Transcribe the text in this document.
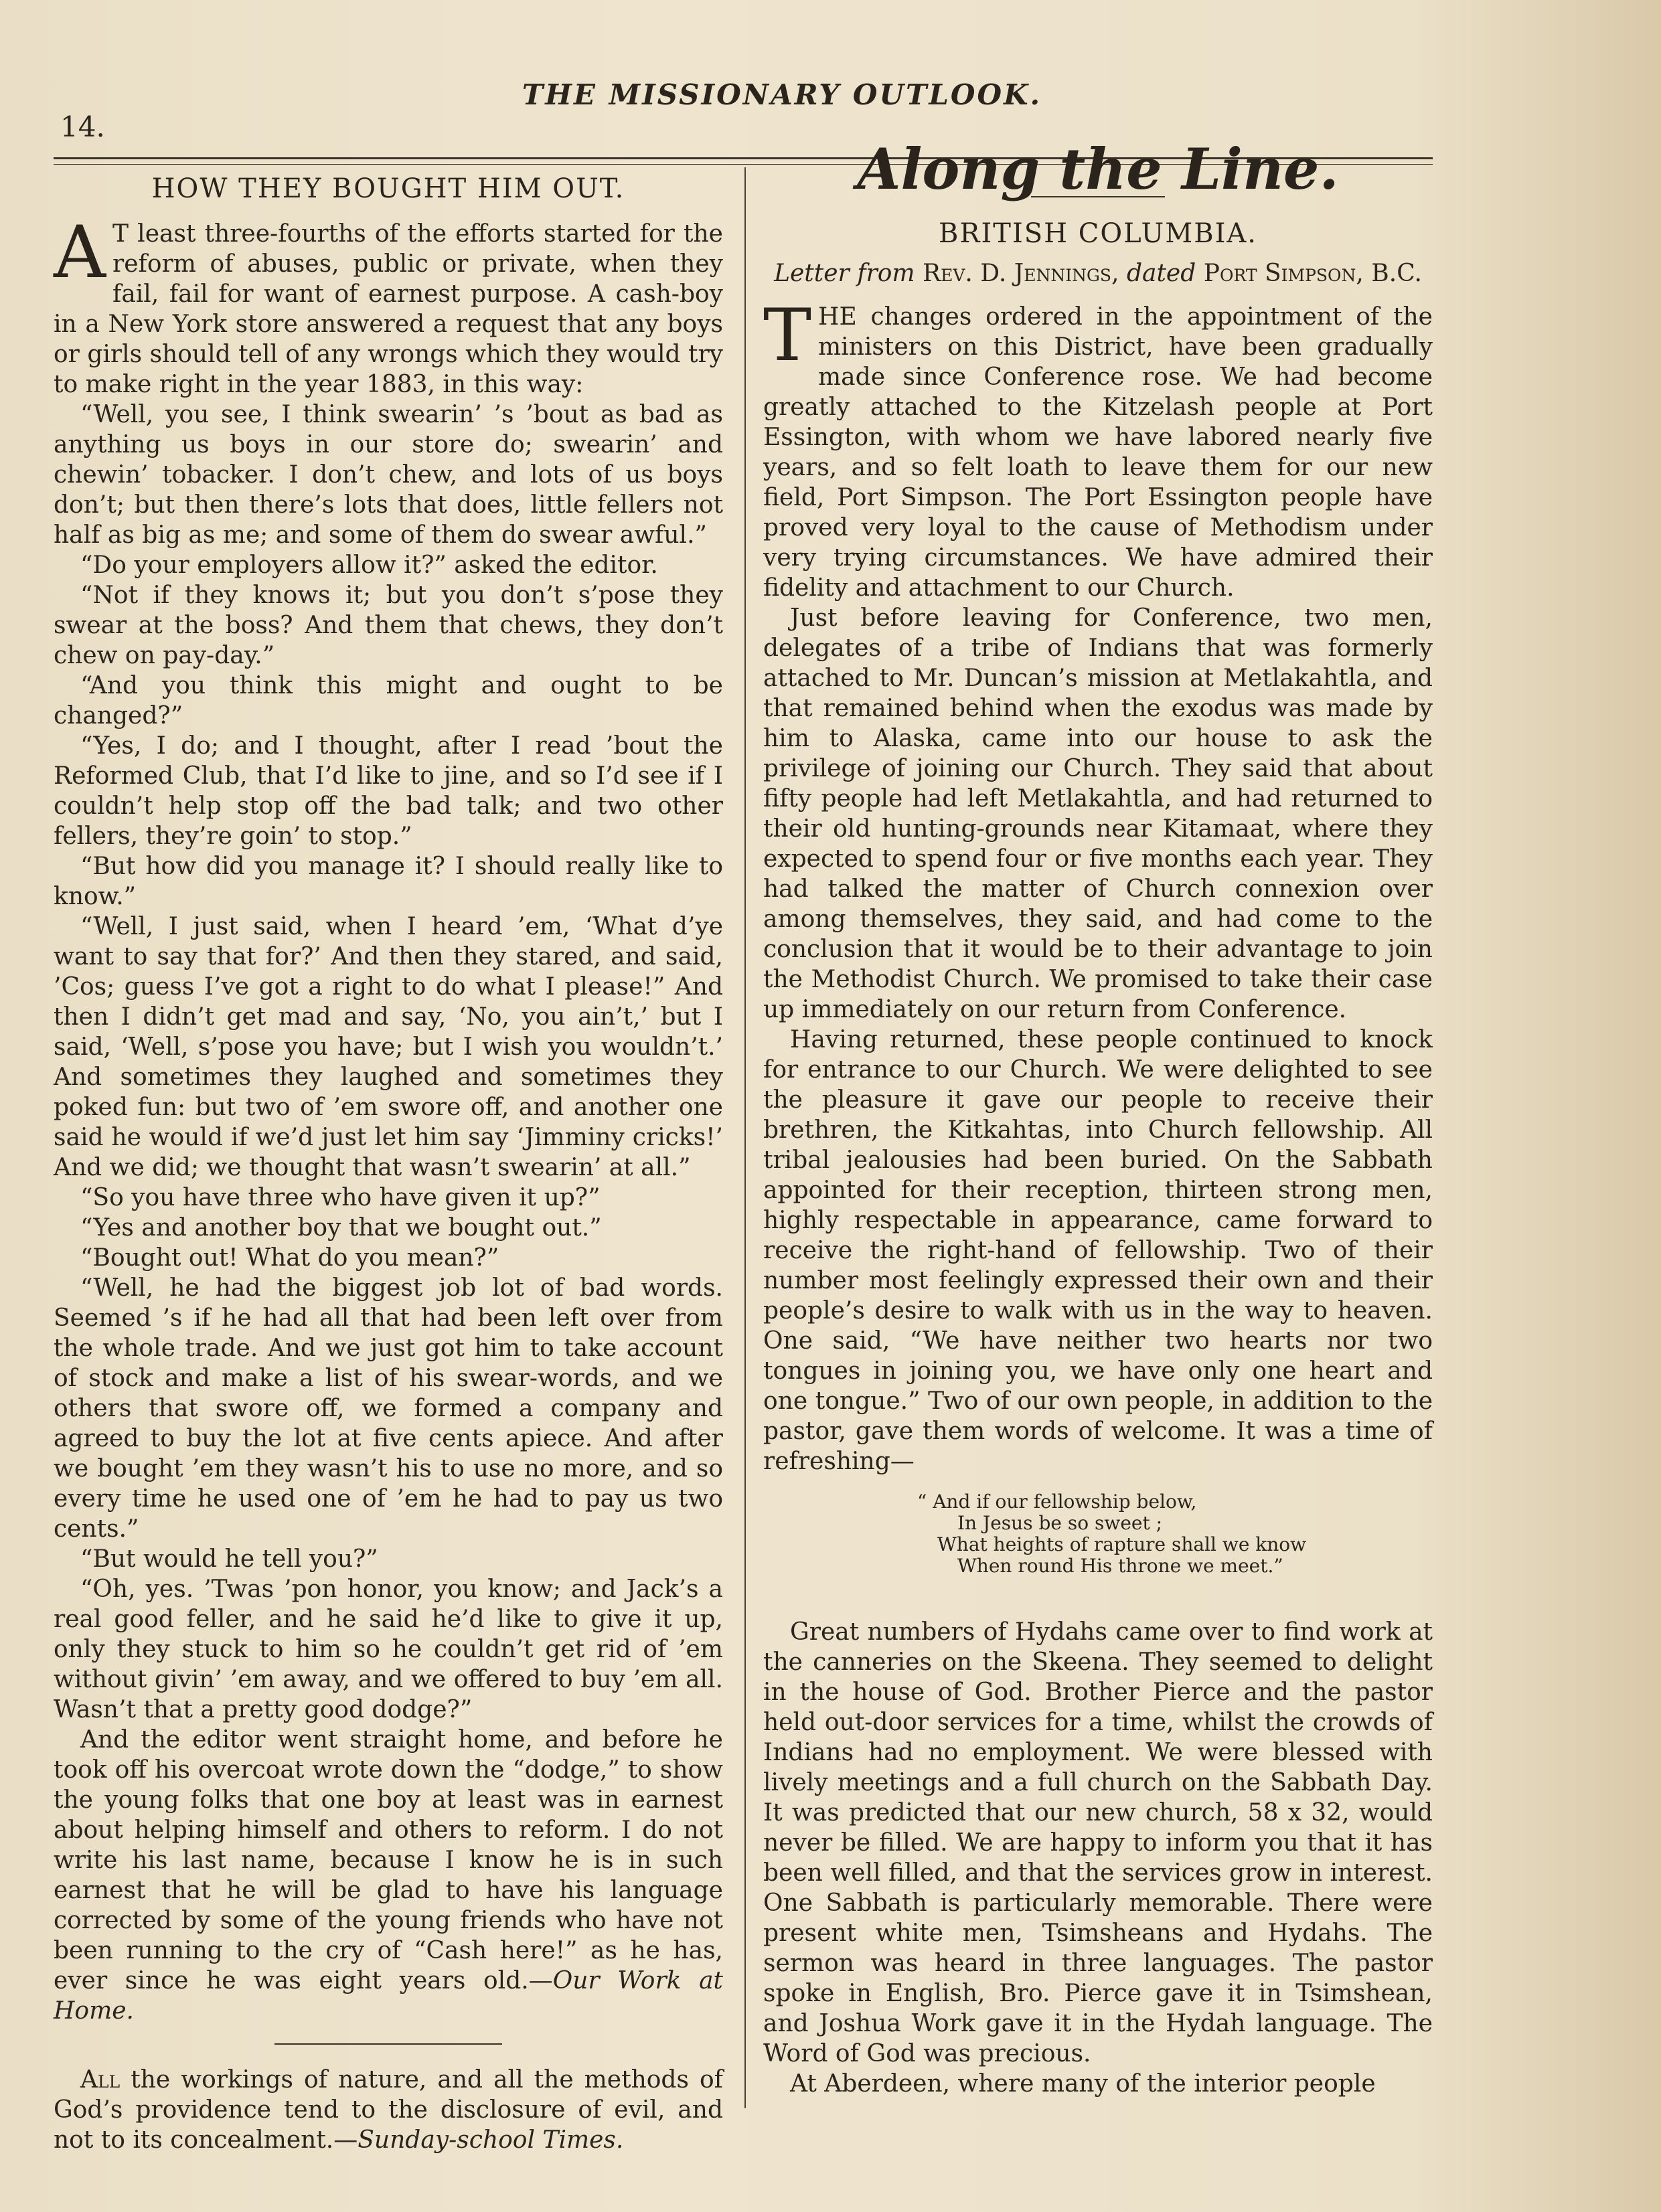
14.
THE MISSIONARY OUTLOOK.
HOW THEY BOUGHT HIM OUT.

A T least three-fourths of the efforts started for the reform of abuses, public or private, when they fail, fail for want of earnest purpose. A cash-boy in a New York store answered a request that any boys or girls should tell of any wrongs which they would try to make right in the year 1883, in this way:

“Well, you see, I think swearin’ ’s ’bout as bad as anything us boys in our store do; swearin’ and chewin’ tobacker. I don’t chew, and lots of us boys don’t; but then there’s lots that does, little fellers not half as big as me; and some of them do swear awful.”

“Do your employers allow it?” asked the editor.

“Not if they knows it; but you don’t s’pose they swear at the boss? And them that chews, they don’t chew on pay-day.”

“And you think this might and ought to be changed?”

“Yes, I do; and I thought, after I read ’bout the Reformed Club, that I’d like to jine, and so I’d see if I couldn’t help stop off the bad talk; and two other fellers, they’re goin’ to stop.”

“But how did you manage it? I should really like to know.”

“Well, I just said, when I heard ’em, ‘What d’ye want to say that for?’ And then they stared, and said, ’Cos; guess I’ve got a right to do what I please!” And then I didn’t get mad and say, ‘No, you ain’t,’ but I said, ‘Well, s’pose you have; but I wish you wouldn’t.’ And sometimes they laughed and sometimes they poked fun: but two of ’em swore off, and another one said he would if we’d just let him say ‘Jimminy cricks!’ And we did; we thought that wasn’t swearin’ at all.”

“So you have three who have given it up?”

“Yes and another boy that we bought out.”

“Bought out! What do you mean?”

“Well, he had the biggest job lot of bad words. Seemed ’s if he had all that had been left over from the whole trade. And we just got him to take account of stock and make a list of his swear-words, and we others that swore off, we formed a company and agreed to buy the lot at five cents apiece. And after we bought ’em they wasn’t his to use no more, and so every time he used one of ’em he had to pay us two cents.”

“But would he tell you?”

“Oh, yes. ’Twas ’pon honor, you know; and Jack’s a real good feller, and he said he’d like to give it up, only they stuck to him so he couldn’t get rid of ’em without givin’ ’em away, and we offered to buy ’em all. Wasn’t that a pretty good dodge?”

And the editor went straight home, and before he took off his overcoat wrote down the “dodge,” to show the young folks that one boy at least was in earnest about helping himself and others to reform. I do not write his last name, because I know he is in such earnest that he will be glad to have his language corrected by some of the young friends who have not been running to the cry of “Cash here!” as he has, ever since he was eight years old.—Our Work at Home.

All the workings of nature, and all the methods of God’s providence tend to the disclosure of evil, and not to its concealment.—Sunday-school Times.

Along the Line.
BRITISH COLUMBIA.
Letter from Rev. D. Jennings, dated Port Simpson, B.C.

THE changes ordered in the appointment of the ministers on this District, have been gradually made since Conference rose. We had become greatly attached to the Kitzelash people at Port Essington, with whom we have labored nearly five years, and so felt loath to leave them for our new field, Port Simpson. The Port Essington people have proved very loyal to the cause of Methodism under very trying circumstances. We have admired their fidelity and attachment to our Church.

Just before leaving for Conference, two men, delegates of a tribe of Indians that was formerly attached to Mr. Duncan’s mission at Metlakahtla, and that remained behind when the exodus was made by him to Alaska, came into our house to ask the privilege of joining our Church. They said that about fifty people had left Metlakahtla, and had returned to their old hunting-grounds near Kitamaat, where they expected to spend four or five months each year. They had talked the matter of Church connexion over among themselves, they said, and had come to the conclusion that it would be to their advantage to join the Methodist Church. We promised to take their case up immediately on our return from Conference.

Having returned, these people continued to knock for entrance to our Church. We were delighted to see the pleasure it gave our people to receive their brethren, the Kitkahtas, into Church fellowship. All tribal jealousies had been buried. On the Sabbath appointed for their reception, thirteen strong men, highly respectable in appearance, came forward to receive the right-hand of fellowship. Two of their number most feelingly expressed their own and their people’s desire to walk with us in the way to heaven. One said, “We have neither two hearts nor two tongues in joining you, we have only one heart and one tongue.” Two of our own people, in addition to the pastor, gave them words of welcome. It was a time of refreshing—

“ And if our fellowship below,
In Jesus be so sweet ;
What heights of rapture shall we know
When round His throne we meet.”

Great numbers of Hydahs came over to find work at the canneries on the Skeena. They seemed to delight in the house of God. Brother Pierce and the pastor held out-door services for a time, whilst the crowds of Indians had no employment. We were blessed with lively meetings and a full church on the Sabbath Day. It was predicted that our new church, 58 x 32, would never be filled. We are happy to inform you that it has been well filled, and that the services grow in interest. One Sabbath is particularly memorable. There were present white men, Tsimsheans and Hydahs. The sermon was heard in three languages. The pastor spoke in English, Bro. Pierce gave it in Tsimshean, and Joshua Work gave it in the Hydah language. The Word of God was precious.

At Aberdeen, where many of the interior people
